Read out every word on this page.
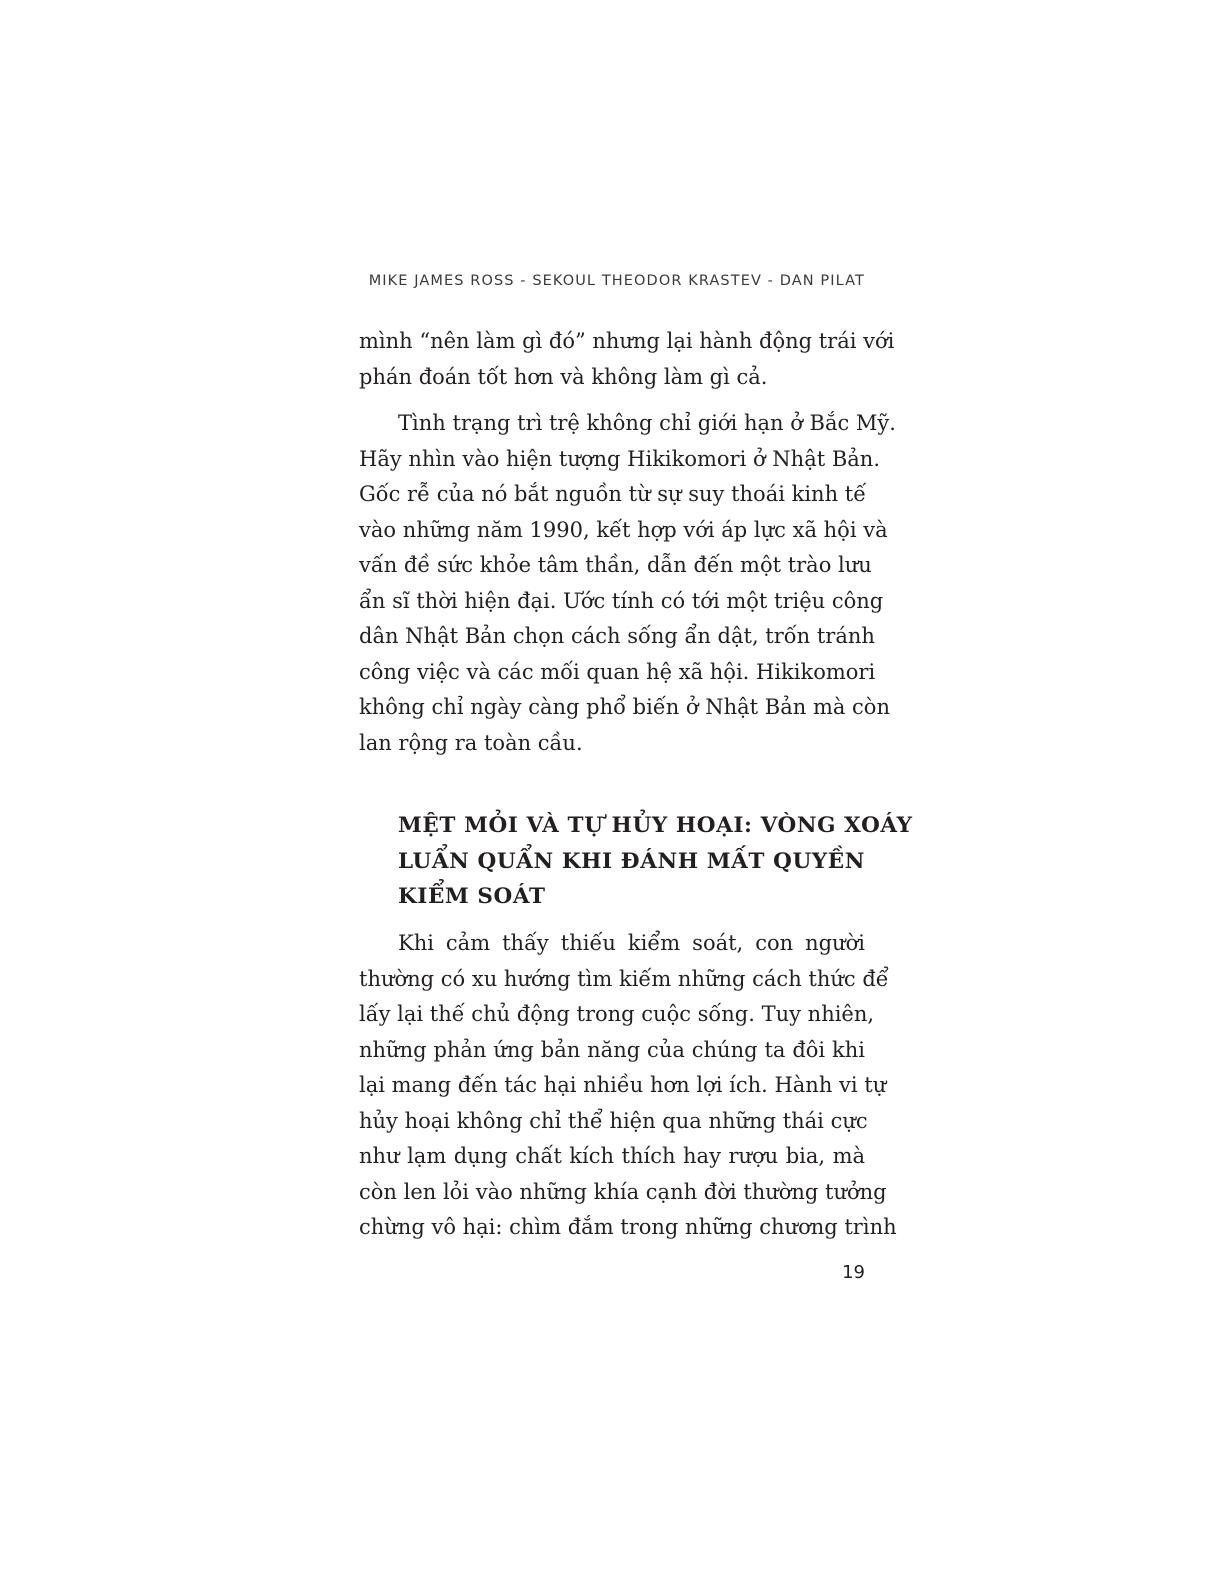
MIKE JAMES ROSS - SEKOUL THEODOR KRASTEV - DAN PILAT
mình “nên làm gì đó” nhưng lại hành động trái với
phán đoán tốt hơn và không làm gì cả.
Tình trạng trì trệ không chỉ giới hạn ở Bắc Mỹ.
Hãy nhìn vào hiện tượng Hikikomori ở Nhật Bản.
Gốc rễ của nó bắt nguồn từ sự suy thoái kinh tế
vào những năm 1990, kết hợp với áp lực xã hội và
vấn đề sức khỏe tâm thần, dẫn đến một trào lưu
ẩn sĩ thời hiện đại. Ước tính có tới một triệu công
dân Nhật Bản chọn cách sống ẩn dật, trốn tránh
công việc và các mối quan hệ xã hội. Hikikomori
không chỉ ngày càng phổ biến ở Nhật Bản mà còn
lan rộng ra toàn cầu.
MỆT MỎI VÀ TỰ HỦY HOẠI: VÒNG XOÁY
LUẨN QUẨN KHI ĐÁNH MẤT QUYỀN
KIỂM SOÁT
Khi cảm thấy thiếu kiểm soát, con người
thường có xu hướng tìm kiếm những cách thức để
lấy lại thế chủ động trong cuộc sống. Tuy nhiên,
những phản ứng bản năng của chúng ta đôi khi
lại mang đến tác hại nhiều hơn lợi ích. Hành vi tự
hủy hoại không chỉ thể hiện qua những thái cực
như lạm dụng chất kích thích hay rượu bia, mà
còn len lỏi vào những khía cạnh đời thường tưởng
chừng vô hại: chìm đắm trong những chương trình
19
